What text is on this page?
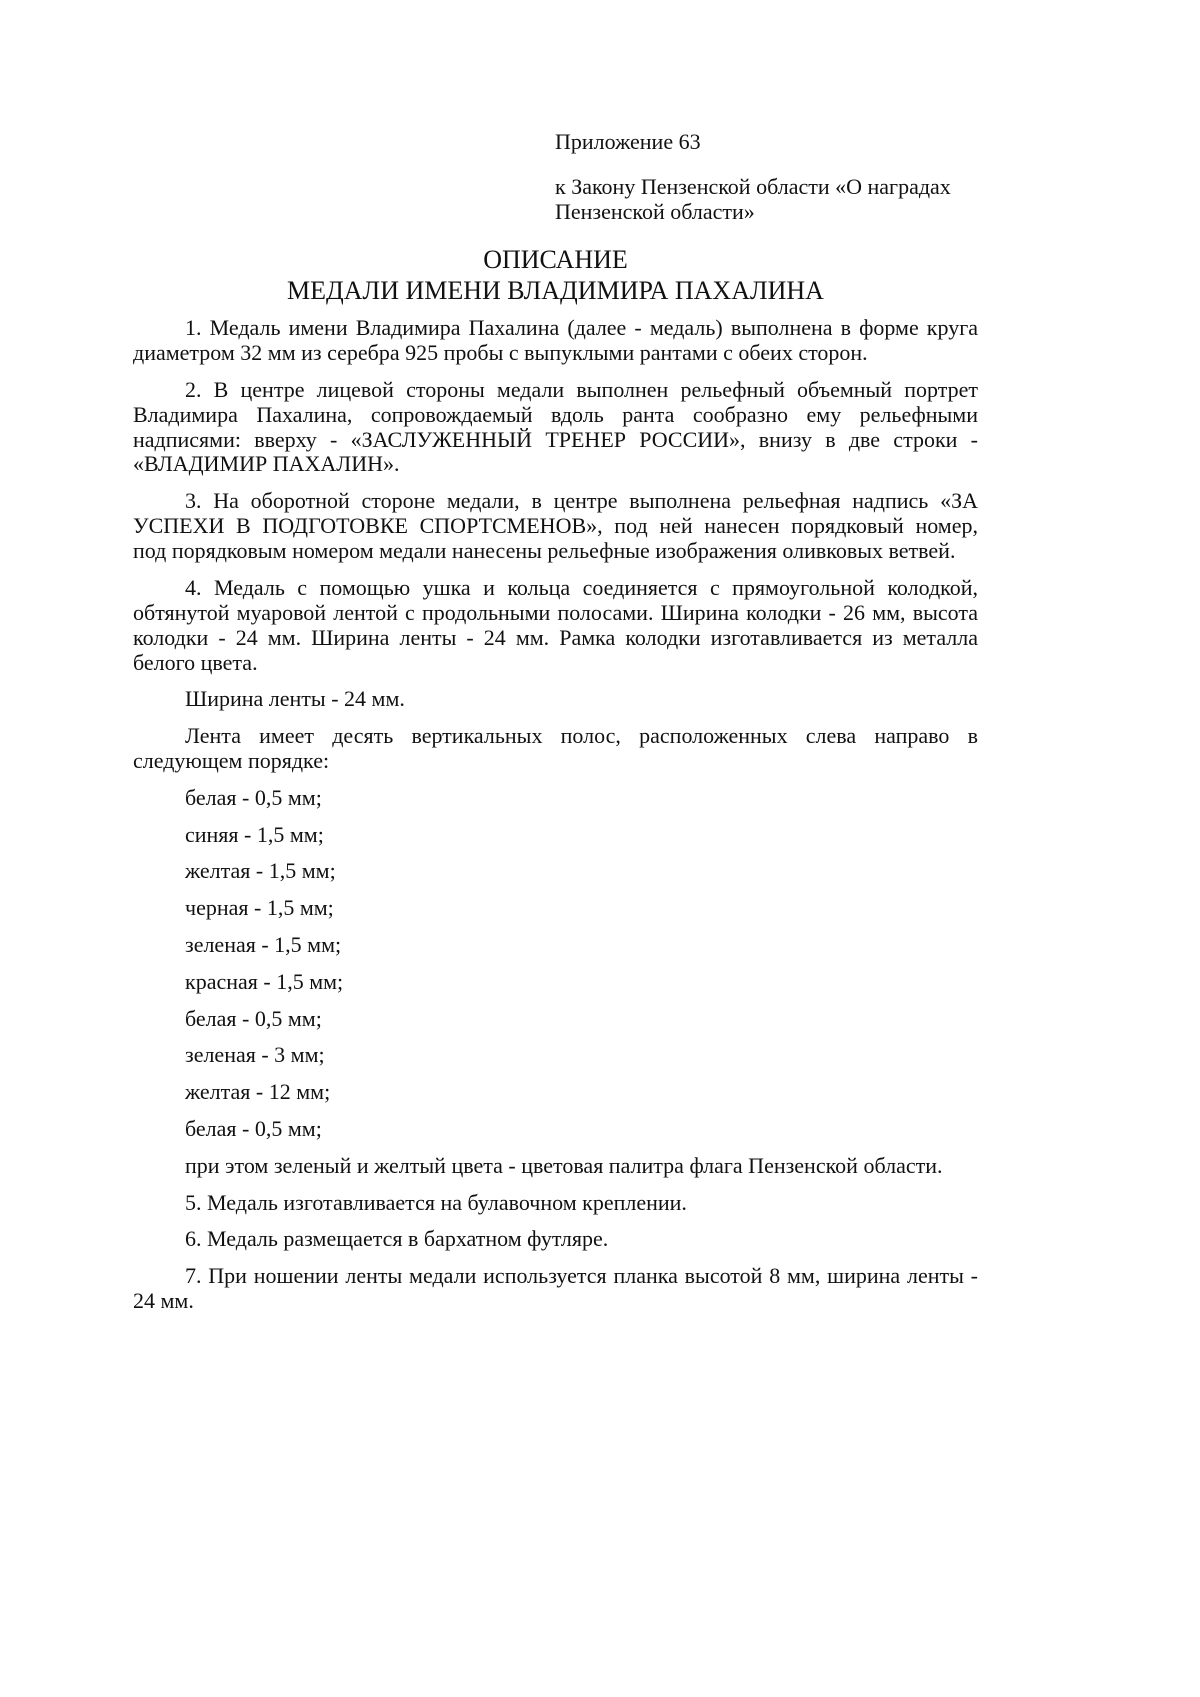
Приложение 63
к Закону Пензенской области «О наградах
Пензенской области»
ОПИСАНИЕ
МЕДАЛИ ИМЕНИ ВЛАДИМИРА ПАХАЛИНА
1. Медаль имени Владимира Пахалина (далее - медаль) выполнена в форме круга
диаметром 32 мм из серебра 925 пробы с выпуклыми рантами с обеих сторон.
2. В центре лицевой стороны медали выполнен рельефный объемный портрет
Владимира Пахалина, сопровождаемый вдоль ранта сообразно ему рельефными
надписями: вверху - «ЗАСЛУЖЕННЫЙ ТРЕНЕР РОССИИ», внизу в две строки -
«ВЛАДИМИР ПАХАЛИН».
3. На оборотной стороне медали, в центре выполнена рельефная надпись «ЗА
УСПЕХИ В ПОДГОТОВКЕ СПОРТСМЕНОВ», под ней нанесен порядковый номер,
под порядковым номером медали нанесены рельефные изображения оливковых ветвей.
4. Медаль с помощью ушка и кольца соединяется с прямоугольной колодкой,
обтянутой муаровой лентой с продольными полосами. Ширина колодки - 26 мм, высота
колодки - 24 мм. Ширина ленты - 24 мм. Рамка колодки изготавливается из металла
белого цвета.
Ширина ленты - 24 мм.
Лента имеет десять вертикальных полос, расположенных слева направо в
следующем порядке:
белая - 0,5 мм;
синяя - 1,5 мм;
желтая - 1,5 мм;
черная - 1,5 мм;
зеленая - 1,5 мм;
красная - 1,5 мм;
белая - 0,5 мм;
зеленая - 3 мм;
желтая - 12 мм;
белая - 0,5 мм;
при этом зеленый и желтый цвета - цветовая палитра флага Пензенской области.
5. Медаль изготавливается на булавочном креплении.
6. Медаль размещается в бархатном футляре.
7. При ношении ленты медали используется планка высотой 8 мм, ширина ленты -
24 мм.
